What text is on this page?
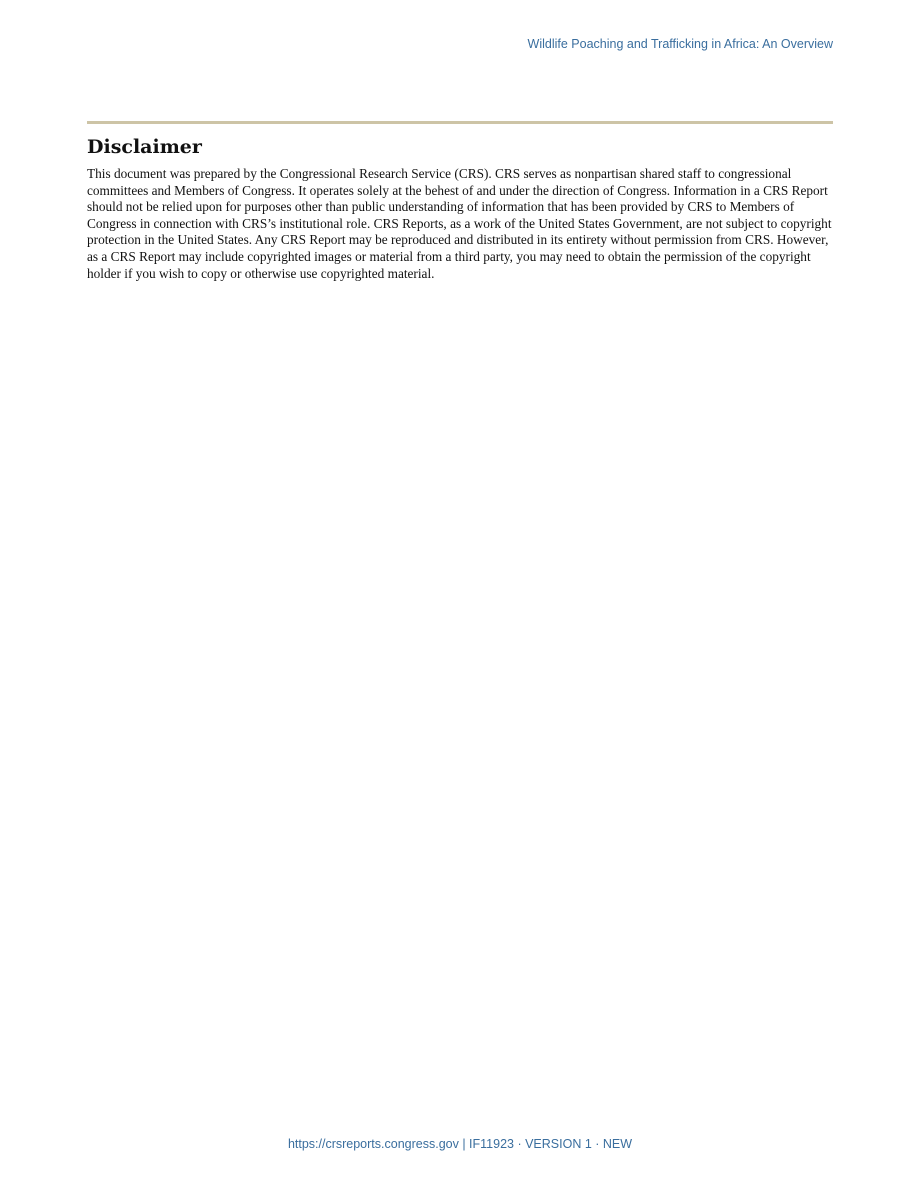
Wildlife Poaching and Trafficking in Africa: An Overview
Disclaimer

This document was prepared by the Congressional Research Service (CRS). CRS serves as nonpartisan shared staff to congressional committees and Members of Congress. It operates solely at the behest of and under the direction of Congress. Information in a CRS Report should not be relied upon for purposes other than public understanding of information that has been provided by CRS to Members of Congress in connection with CRS’s institutional role. CRS Reports, as a work of the United States Government, are not subject to copyright protection in the United States. Any CRS Report may be reproduced and distributed in its entirety without permission from CRS. However, as a CRS Report may include copyrighted images or material from a third party, you may need to obtain the permission of the copyright holder if you wish to copy or otherwise use copyrighted material.

https://crsreports.congress.gov | IF11923 · VERSION 1 · NEW
